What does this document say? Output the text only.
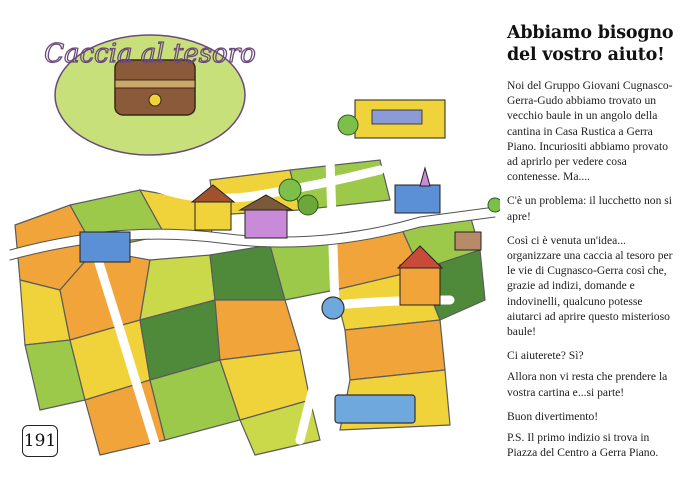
Caccia al tesoro
191
Abbiamo bisogno
del vostro aiuto!

Noi del Gruppo Giovani Cugnasco-Gerra-Gudo abbiamo trovato un vecchio baule in un angolo della cantina in Casa Rustica a Gerra Piano. Incuriositi abbiamo provato ad aprirlo per vedere cosa contenesse. Ma....

C'è un problema: il lucchetto non si apre!

Così ci è venuta un'idea... organizzare una caccia al tesoro per le vie di Cugnasco-Gerra così che, grazie ad indizi, domande e indovinelli, qualcuno potesse aiutarci ad aprire questo misterioso baule!

Ci aiuterete? Sì?

Allora non vi resta che prendere la vostra cartina e...si parte!

Buon divertimento!

P.S. Il primo indizio si trova in Piazza del Centro a Gerra Piano.
